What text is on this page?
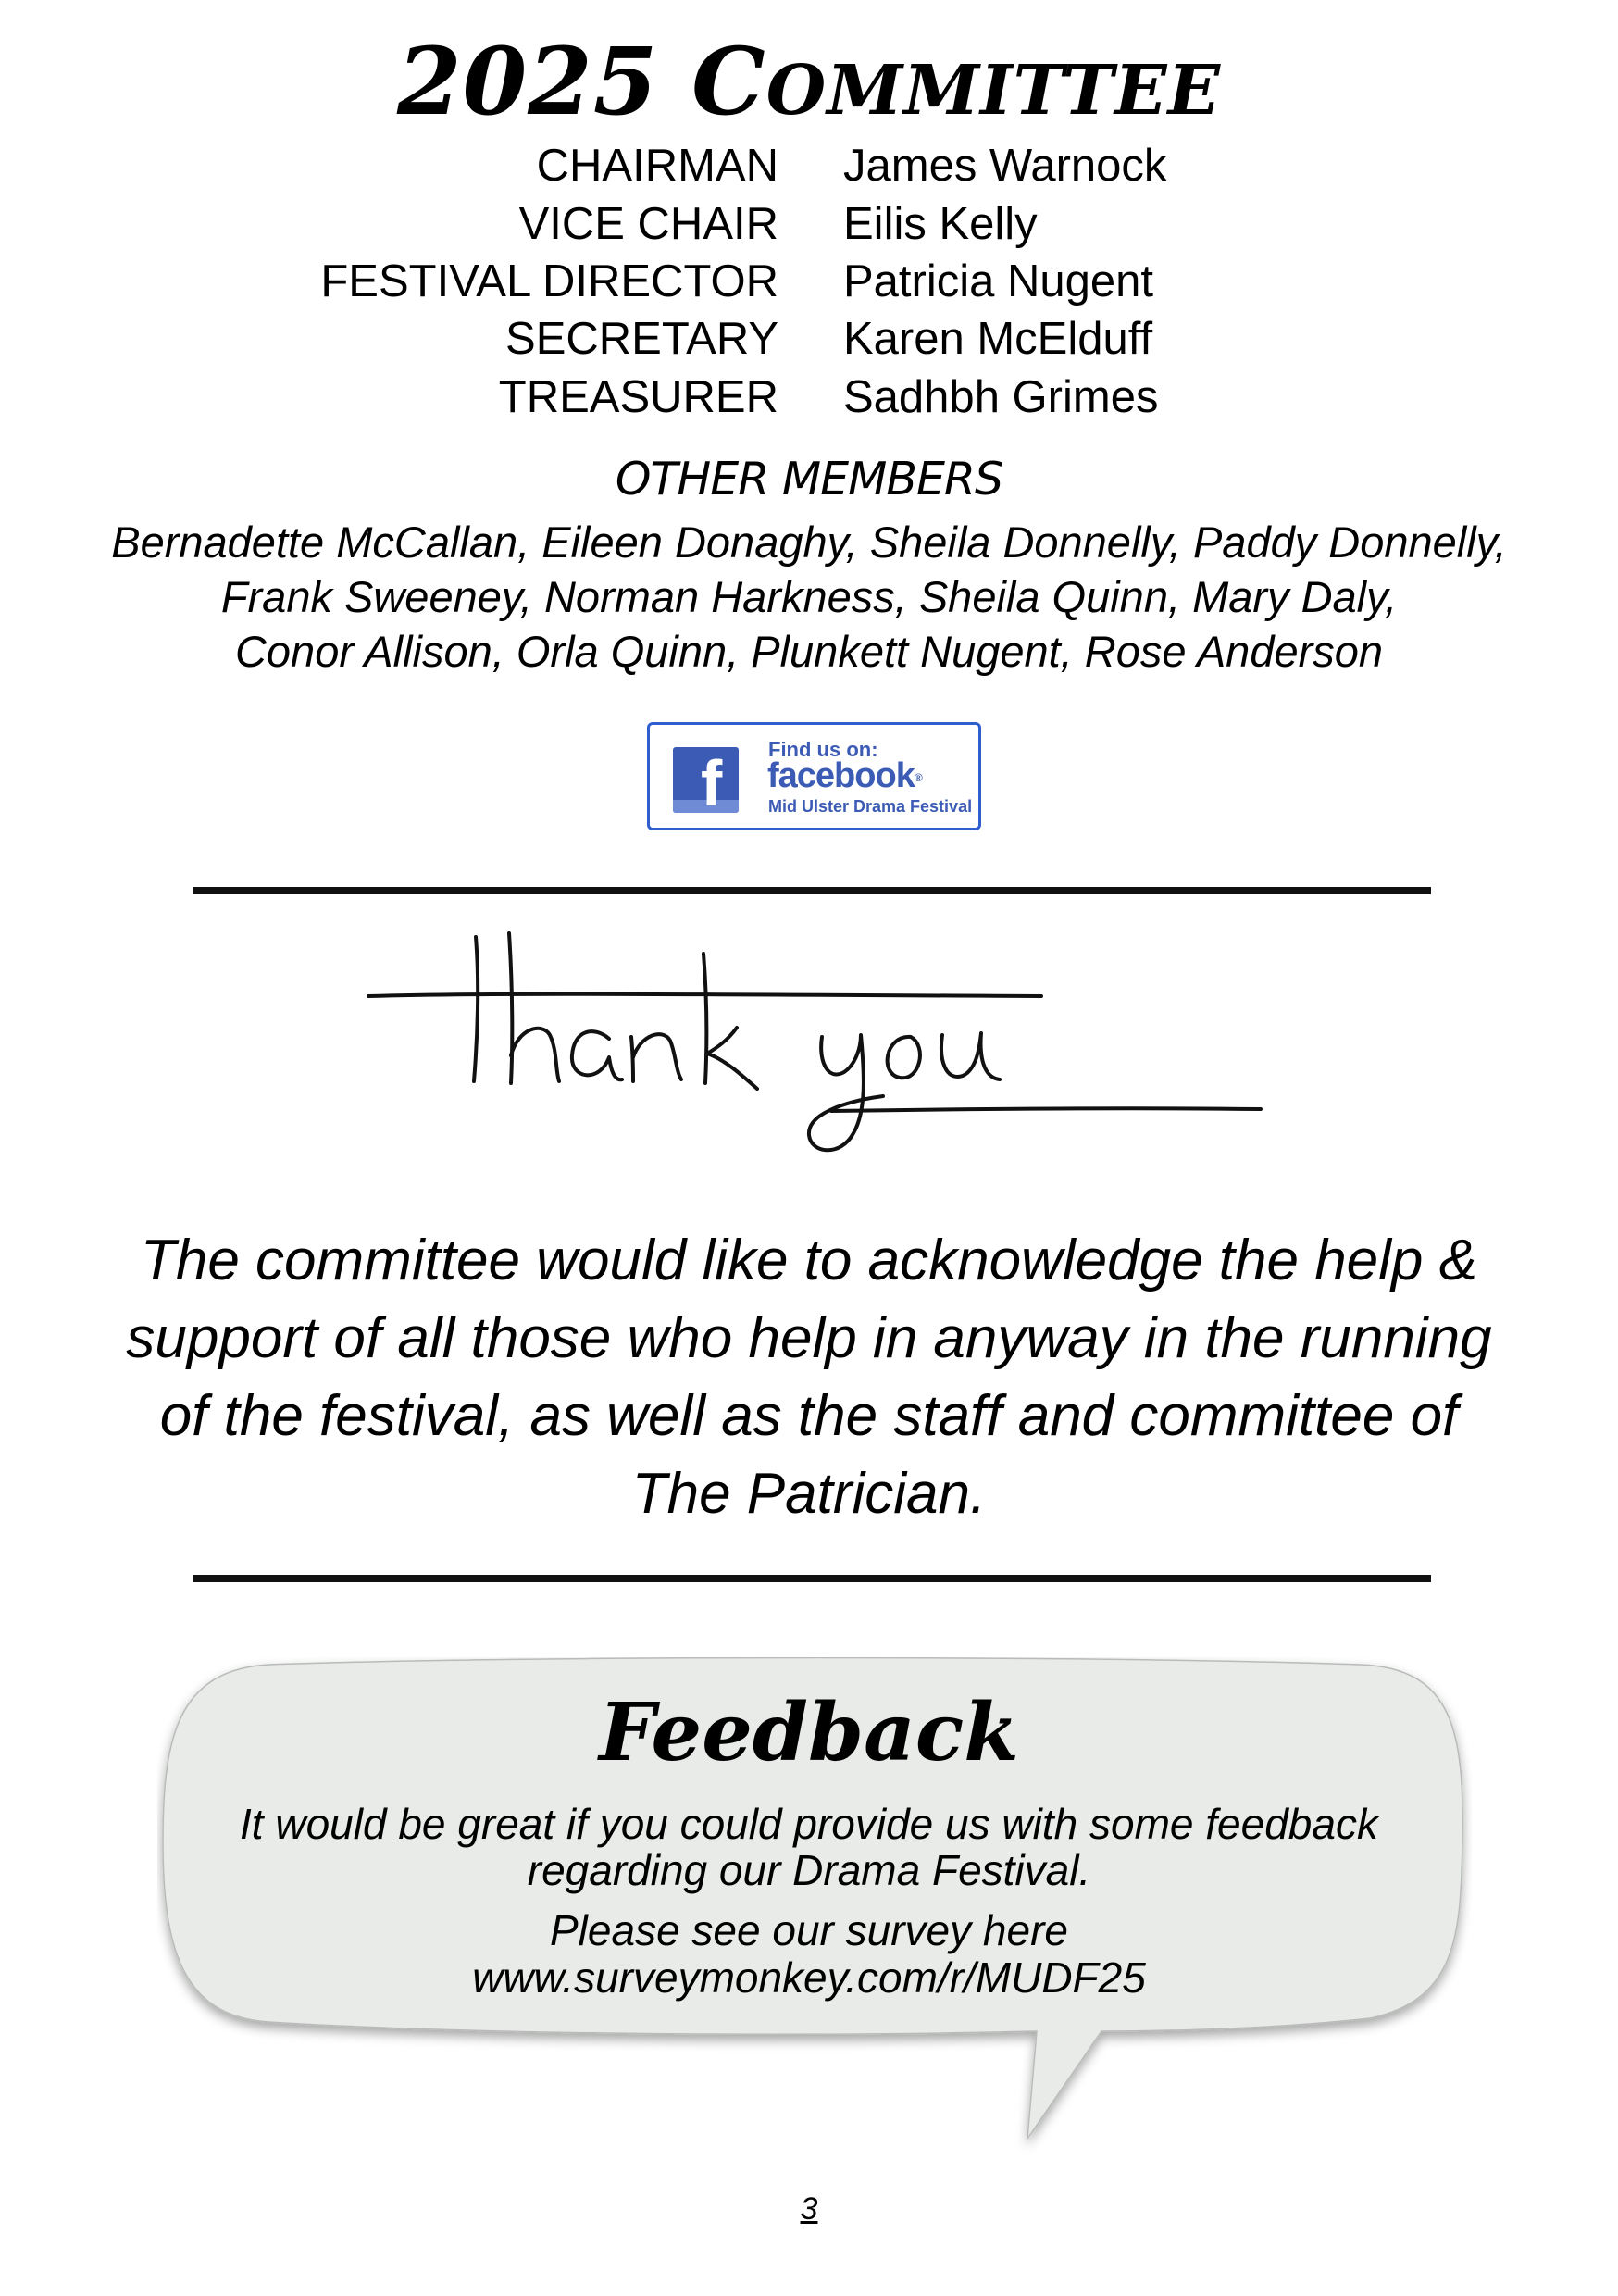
2025 COMMITTEE
CHAIRMAN James Warnock
VICE CHAIR Eilis Kelly
FESTIVAL DIRECTOR Patricia Nugent
SECRETARY Karen McElduff
TREASURER Sadhbh Grimes
OTHER MEMBERS
Bernadette McCallan, Eileen Donaghy, Sheila Donnelly, Paddy Donnelly,
Frank Sweeney, Norman Harkness, Sheila Quinn, Mary Daly,
Conor Allison, Orla Quinn, Plunkett Nugent, Rose Anderson
f Find us on:
facebook®
Mid Ulster Drama Festival
The committee would like to acknowledge the help &
support of all those who help in anyway in the running
of the festival, as well as the staff and committee of
The Patrician.
Feedback
It would be great if you could provide us with some feedback
regarding our Drama Festival.
Please see our survey here
www.surveymonkey.com/r/MUDF25
3
